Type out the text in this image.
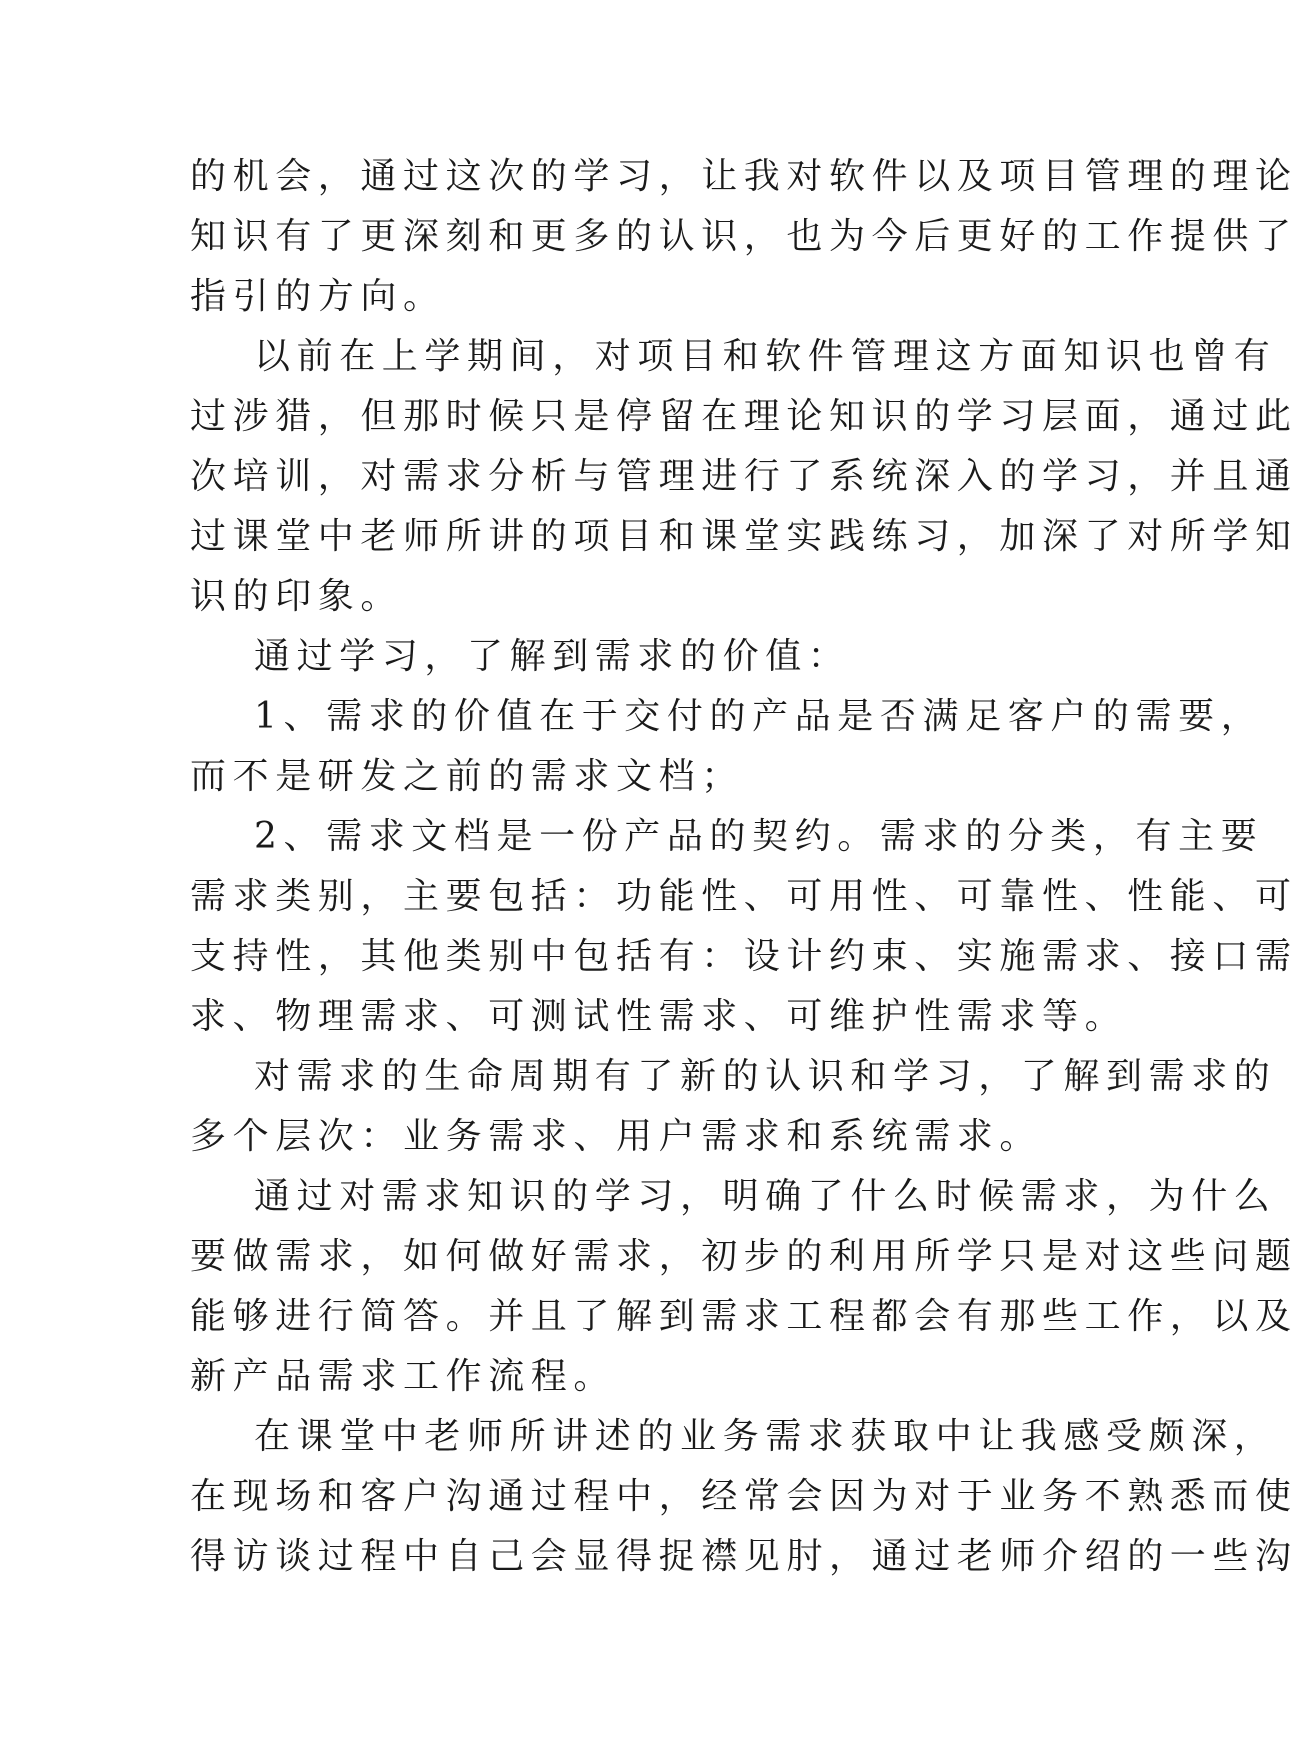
的机会，通过这次的学习，让我对软件以及项目管理的理论
知识有了更深刻和更多的认识，也为今后更好的工作提供了
指引的方向。
以前在上学期间，对项目和软件管理这方面知识也曾有
过涉猎，但那时候只是停留在理论知识的学习层面，通过此
次培训，对需求分析与管理进行了系统深入的学习，并且通
过课堂中老师所讲的项目和课堂实践练习，加深了对所学知
识的印象。
通过学习，了解到需求的价值：
1、需求的价值在于交付的产品是否满足客户的需要，
而不是研发之前的需求文档；
2、需求文档是一份产品的契约。需求的分类，有主要
需求类别，主要包括：功能性、可用性、可靠性、性能、可
支持性，其他类别中包括有：设计约束、实施需求、接口需
求、物理需求、可测试性需求、可维护性需求等。
对需求的生命周期有了新的认识和学习，了解到需求的
多个层次：业务需求、用户需求和系统需求。
通过对需求知识的学习，明确了什么时候需求，为什么
要做需求，如何做好需求，初步的利用所学只是对这些问题
能够进行简答。并且了解到需求工程都会有那些工作，以及
新产品需求工作流程。
在课堂中老师所讲述的业务需求获取中让我感受颇深，
在现场和客户沟通过程中，经常会因为对于业务不熟悉而使
得访谈过程中自己会显得捉襟见肘，通过老师介绍的一些沟
